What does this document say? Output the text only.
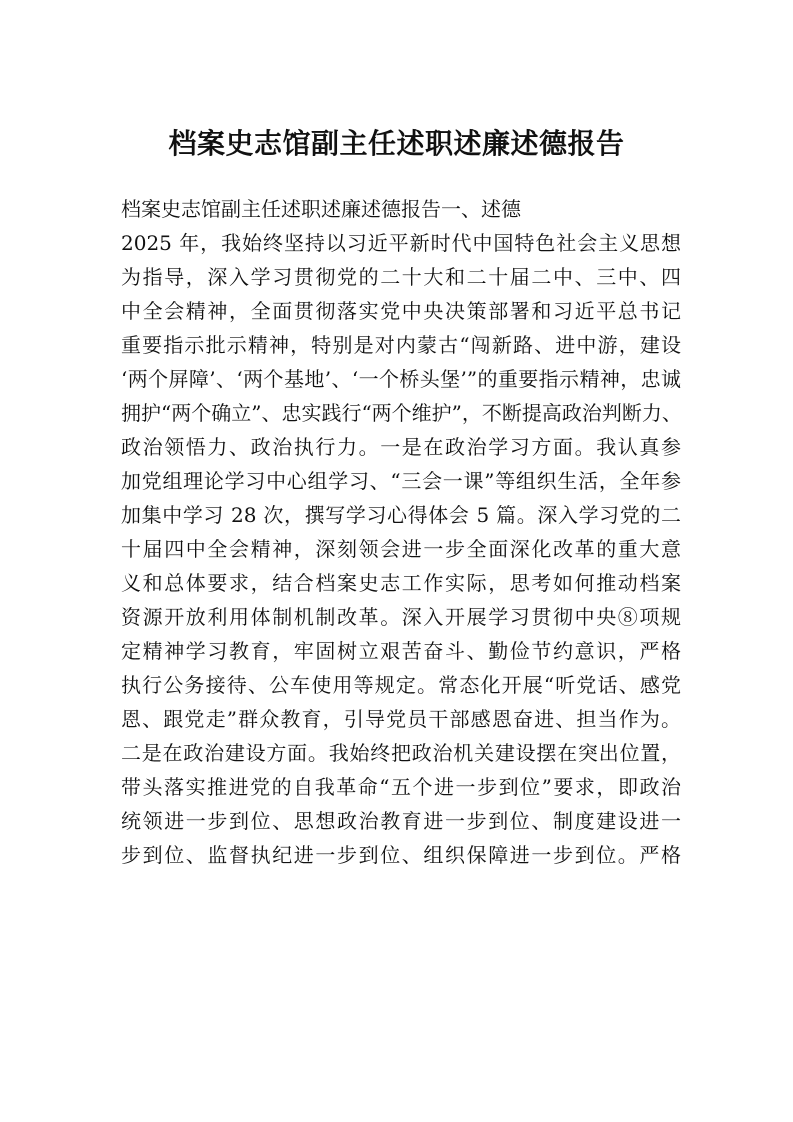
档案史志馆副主任述职述廉述德报告
档案史志馆副主任述职述廉述德报告一、述德
2025 年，我始终坚持以习近平新时代中国特色社会主义思想
为指导，深入学习贯彻党的二十大和二十届二中、三中、四
中全会精神，全面贯彻落实党中央决策部署和习近平总书记
重要指示批示精神，特别是对内蒙古“闯新路、进中游，建设
‘两个屏障’、‘两个基地’、‘一个桥头堡’”的重要指示精神，忠诚
拥护“两个确立”、忠实践行“两个维护”，不断提高政治判断力、
政治领悟力、政治执行力。一是在政治学习方面。我认真参
加党组理论学习中心组学习、“三会一课”等组织生活，全年参
加集中学习 28 次，撰写学习心得体会 5 篇。深入学习党的二
十届四中全会精神，深刻领会进一步全面深化改革的重大意
义和总体要求，结合档案史志工作实际，思考如何推动档案
资源开放利用体制机制改革。深入开展学习贯彻中央⑧项规
定精神学习教育，牢固树立艰苦奋斗、勤俭节约意识，严格
执行公务接待、公车使用等规定。常态化开展“听党话、感党
恩、跟党走”群众教育，引导党员干部感恩奋进、担当作为。
二是在政治建设方面。我始终把政治机关建设摆在突出位置，
带头落实推进党的自我革命“五个进一步到位”要求，即政治
统领进一步到位、思想政治教育进一步到位、制度建设进一
步到位、监督执纪进一步到位、组织保障进一步到位。严格
